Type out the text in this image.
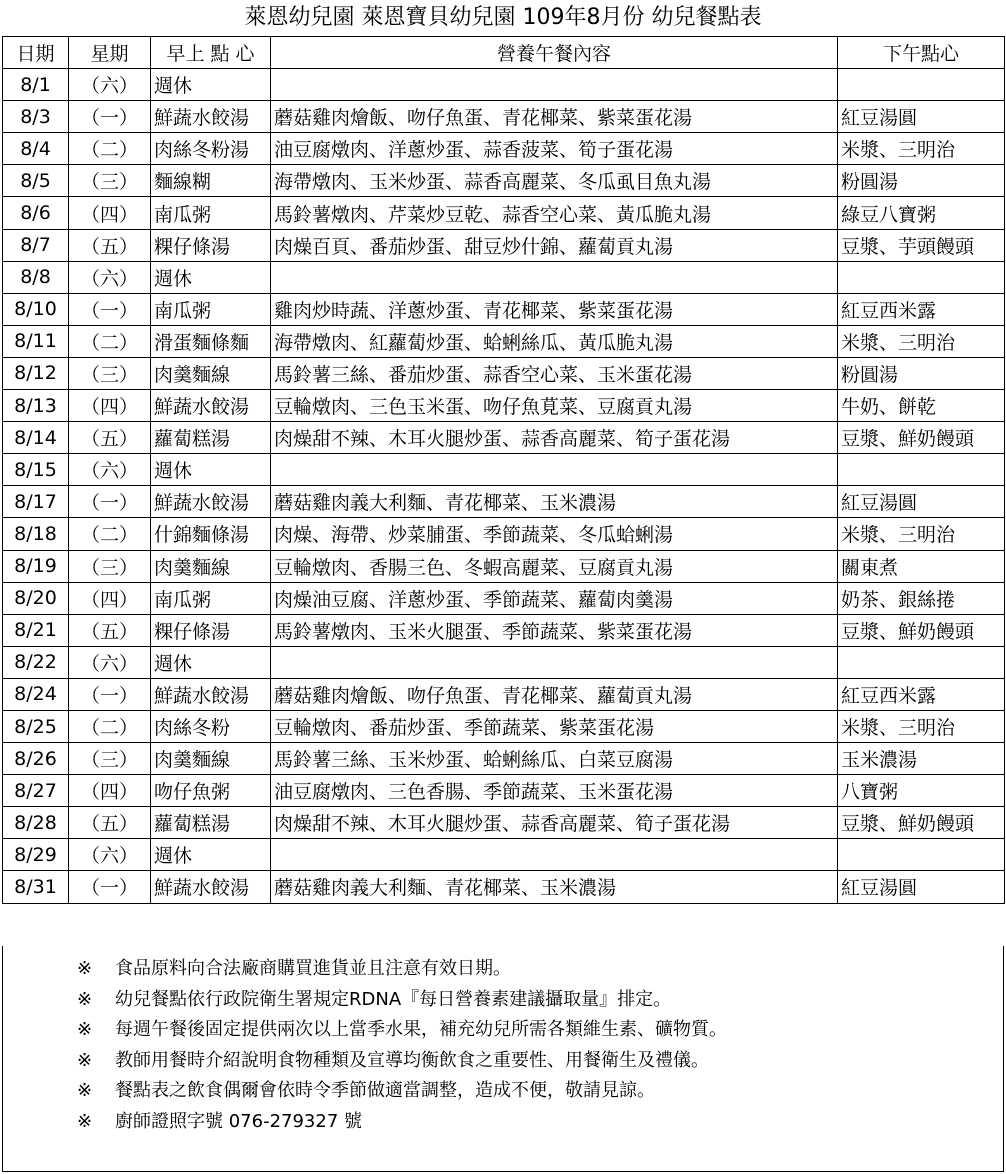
萊恩幼兒園 萊恩寶貝幼兒園 109年8月份 幼兒餐點表
日期	星期	早上 點 心	營養午餐內容	下午點心
8/1	（六）	週休		
8/3	（一）	鮮蔬水餃湯	蘑菇雞肉燴飯、吻仔魚蛋、青花椰菜、紫菜蛋花湯	紅豆湯圓
8/4	（二）	肉絲冬粉湯	油豆腐燉肉、洋蔥炒蛋、蒜香菠菜、筍子蛋花湯	米漿、三明治
8/5	（三）	麵線糊	海帶燉肉、玉米炒蛋、蒜香高麗菜、冬瓜虱目魚丸湯	粉圓湯
8/6	（四）	南瓜粥	馬鈴薯燉肉、芹菜炒豆乾、蒜香空心菜、黃瓜脆丸湯	綠豆八寶粥
8/7	（五）	粿仔條湯	肉燥百頁、番茄炒蛋、甜豆炒什錦、蘿蔔貢丸湯	豆漿、芋頭饅頭
8/8	（六）	週休		
8/10	（一）	南瓜粥	雞肉炒時蔬、洋蔥炒蛋、青花椰菜、紫菜蛋花湯	紅豆西米露
8/11	（二）	滑蛋麵條麵	海帶燉肉、紅蘿蔔炒蛋、蛤蜊絲瓜、黃瓜脆丸湯	米漿、三明治
8/12	（三）	肉羹麵線	馬鈴薯三絲、番茄炒蛋、蒜香空心菜、玉米蛋花湯	粉圓湯
8/13	（四）	鮮蔬水餃湯	豆輪燉肉、三色玉米蛋、吻仔魚莧菜、豆腐貢丸湯	牛奶、餅乾
8/14	（五）	蘿蔔糕湯	肉燥甜不辣、木耳火腿炒蛋、蒜香高麗菜、筍子蛋花湯	豆漿、鮮奶饅頭
8/15	（六）	週休		
8/17	（一）	鮮蔬水餃湯	蘑菇雞肉義大利麵、青花椰菜、玉米濃湯	紅豆湯圓
8/18	（二）	什錦麵條湯	肉燥、海帶、炒菜脯蛋、季節蔬菜、冬瓜蛤蜊湯	米漿、三明治
8/19	（三）	肉羹麵線	豆輪燉肉、香腸三色、冬蝦高麗菜、豆腐貢丸湯	關東煮
8/20	（四）	南瓜粥	肉燥油豆腐、洋蔥炒蛋、季節蔬菜、蘿蔔肉羹湯	奶茶、銀絲捲
8/21	（五）	粿仔條湯	馬鈴薯燉肉、玉米火腿蛋、季節蔬菜、紫菜蛋花湯	豆漿、鮮奶饅頭
8/22	（六）	週休		
8/24	（一）	鮮蔬水餃湯	蘑菇雞肉燴飯、吻仔魚蛋、青花椰菜、蘿蔔貢丸湯	紅豆西米露
8/25	（二）	肉絲冬粉	豆輪燉肉、番茄炒蛋、季節蔬菜、紫菜蛋花湯	米漿、三明治
8/26	（三）	肉羹麵線	馬鈴薯三絲、玉米炒蛋、蛤蜊絲瓜、白菜豆腐湯	玉米濃湯
8/27	（四）	吻仔魚粥	油豆腐燉肉、三色香腸、季節蔬菜、玉米蛋花湯	八寶粥
8/28	（五）	蘿蔔糕湯	肉燥甜不辣、木耳火腿炒蛋、蒜香高麗菜、筍子蛋花湯	豆漿、鮮奶饅頭
8/29	（六）	週休		
8/31	（一）	鮮蔬水餃湯	蘑菇雞肉義大利麵、青花椰菜、玉米濃湯	紅豆湯圓
※ 食品原料向合法廠商購買進貨並且注意有效日期。
※ 幼兒餐點依行政院衛生署規定RDNA『每日營養素建議攝取量』排定。
※ 每週午餐後固定提供兩次以上當季水果，補充幼兒所需各類維生素、礦物質。
※ 教師用餐時介紹說明食物種類及宣導均衡飲食之重要性、用餐衛生及禮儀。
※ 餐點表之飲食偶爾會依時令季節做適當調整，造成不便，敬請見諒。
※ 廚師證照字號 076-279327 號
